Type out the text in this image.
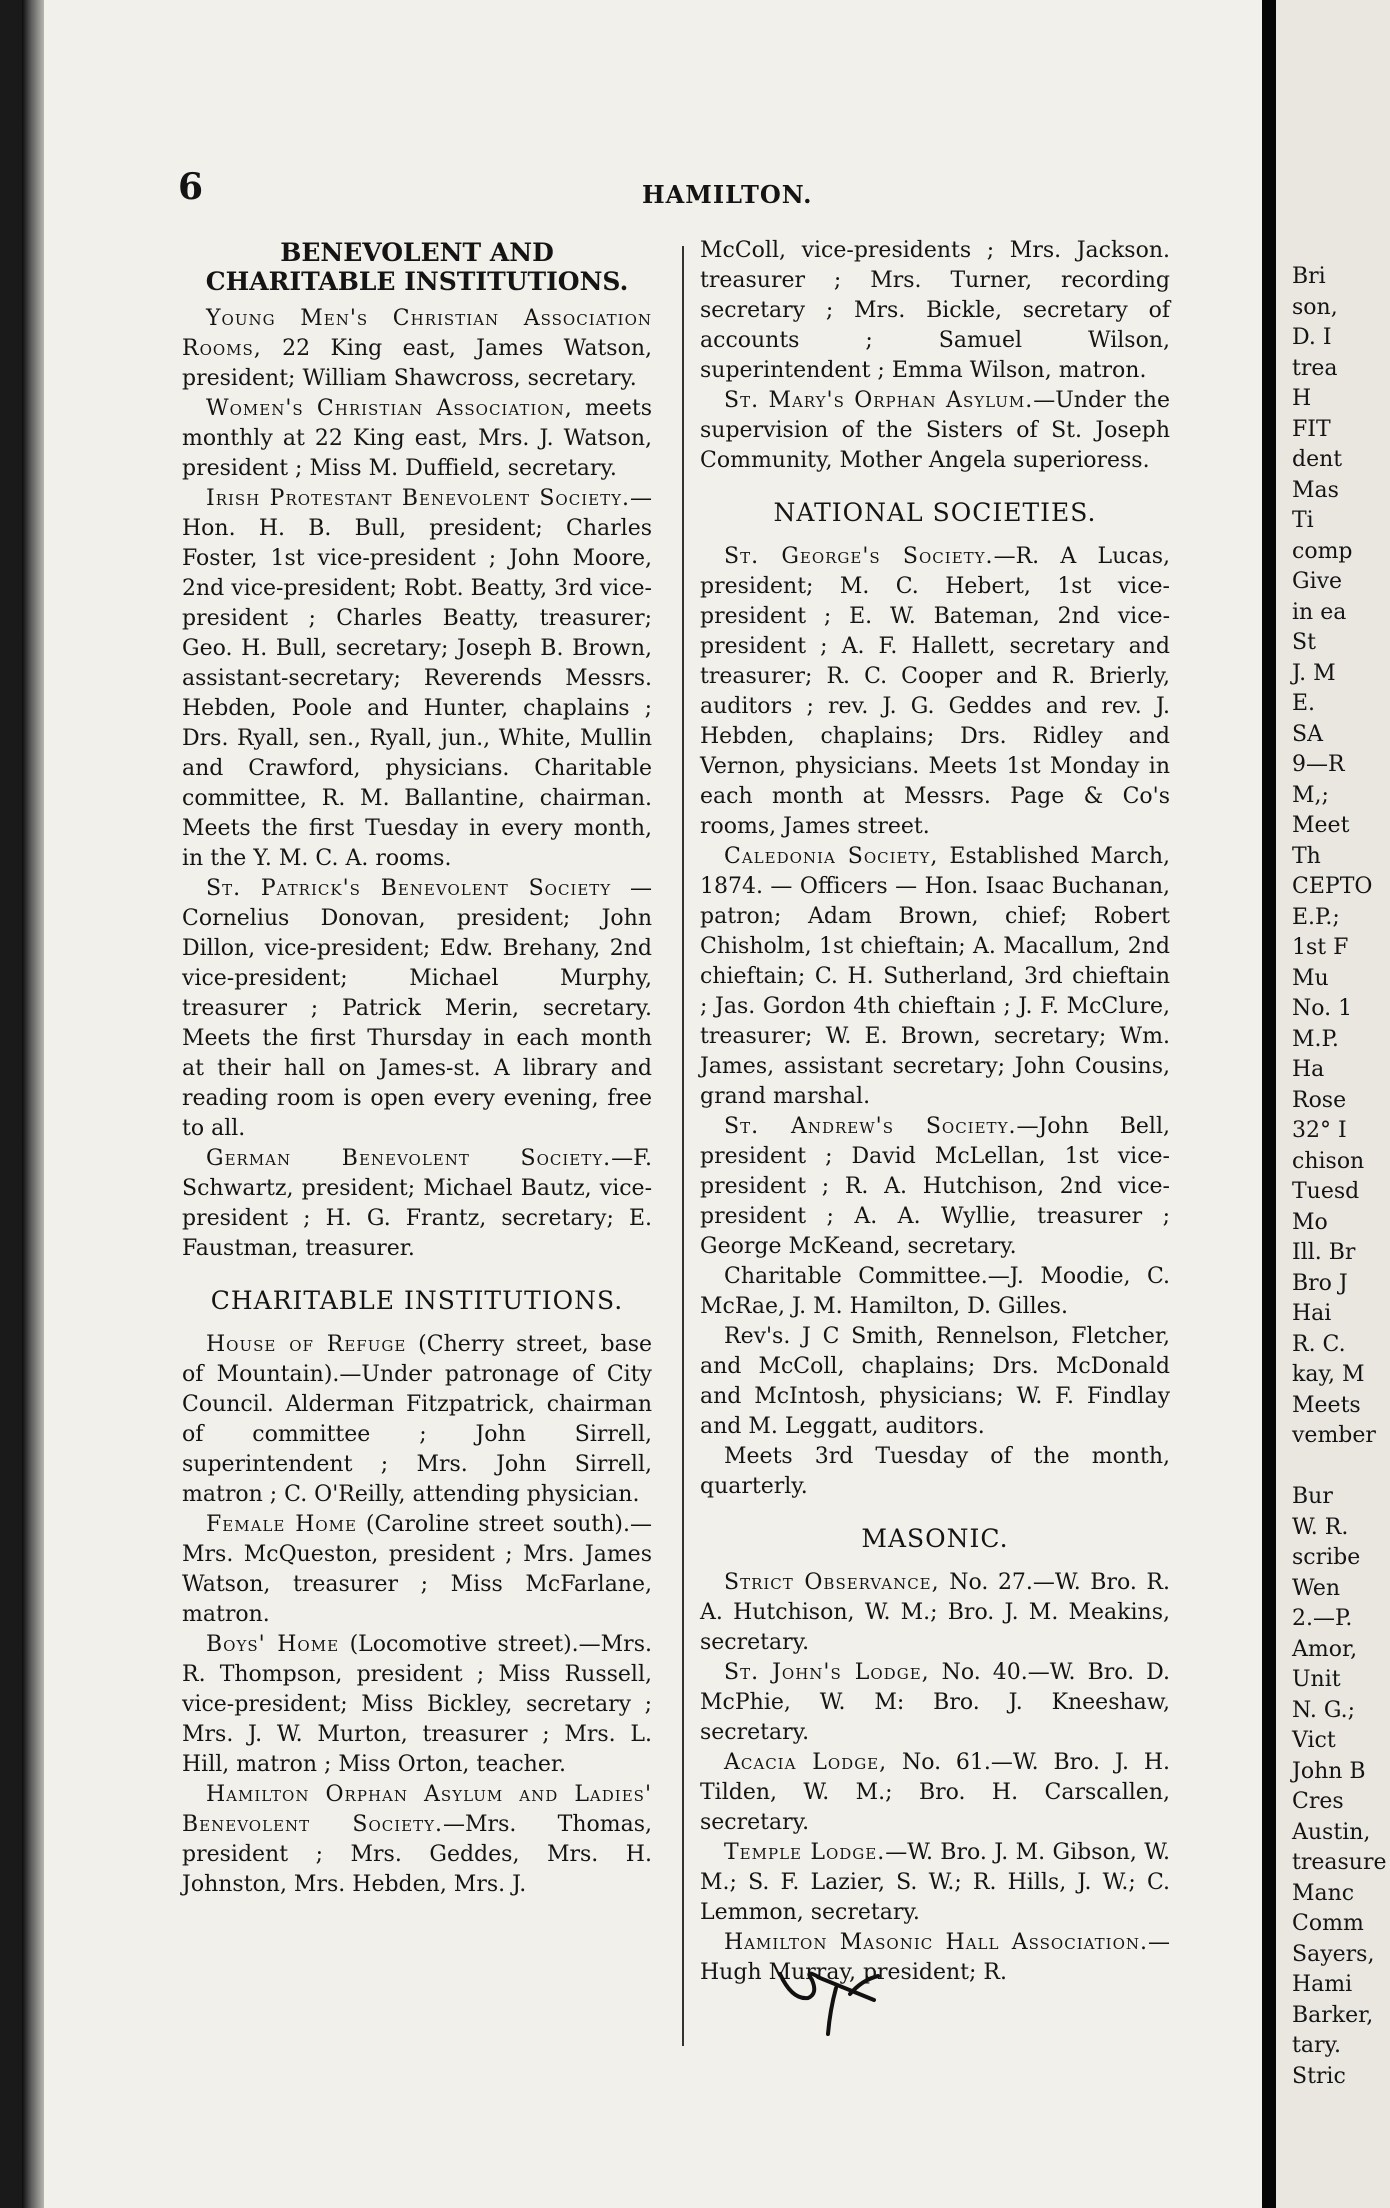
6	HAMILTON.
BENEVOLENT AND CHARITABLE INSTITUTIONS.

Young Men's Christian Association Rooms, 22 King east, James Watson, president; William Shawcross, secretary.

Women's Christian Association, meets monthly at 22 King east, Mrs. J. Watson, president ; Miss M. Duffield, secretary.

Irish Protestant Benevolent Society.—Hon. H. B. Bull, president; Charles Foster, 1st vice-president ; John Moore, 2nd vice-president; Robt. Beatty, 3rd vice-president ; Charles Beatty, treasurer; Geo. H. Bull, secretary; Joseph B. Brown, assistant-secretary; Reverends Messrs. Hebden, Poole and Hunter, chaplains ; Drs. Ryall, sen., Ryall, jun., White, Mullin and Crawford, physicians. Charitable committee, R. M. Ballantine, chairman. Meets the first Tuesday in every month, in the Y. M. C. A. rooms.

St. Patrick's Benevolent Society —Cornelius Donovan, president; John Dillon, vice-president; Edw. Brehany, 2nd vice-president; Michael Murphy, treasurer ; Patrick Merin, secretary. Meets the first Thursday in each month at their hall on James-st. A library and reading room is open every evening, free to all.

German Benevolent Society.—F. Schwartz, president; Michael Bautz, vice-president ; H. G. Frantz, secretary; E. Faustman, treasurer.

CHARITABLE INSTITUTIONS.

House of Refuge (Cherry street, base of Mountain).—Under patronage of City Council. Alderman Fitzpatrick, chairman of committee ; John Sirrell, superintendent ; Mrs. John Sirrell, matron ; C. O'Reilly, attending physician.

Female Home (Caroline street south).—Mrs. McQueston, president ; Mrs. James Watson, treasurer ; Miss McFarlane, matron.

Boys' Home (Locomotive street).—Mrs. R. Thompson, president ; Miss Russell, vice-president; Miss Bickley, secretary ; Mrs. J. W. Murton, treasurer ; Mrs. L. Hill, matron ; Miss Orton, teacher.

Hamilton Orphan Asylum and Ladies' Benevolent Society.—Mrs. Thomas, president ; Mrs. Geddes, Mrs. H. Johnston, Mrs. Hebden, Mrs. J.

McColl, vice-presidents ; Mrs. Jackson. treasurer ; Mrs. Turner, recording secretary ; Mrs. Bickle, secretary of accounts ; Samuel Wilson, superintendent ; Emma Wilson, matron.

St. Mary's Orphan Asylum.—Under the supervision of the Sisters of St. Joseph Community, Mother Angela superioress.

NATIONAL SOCIETIES.

St. George's Society.—R. A Lucas, president; M. C. Hebert, 1st vice-president ; E. W. Bateman, 2nd vice-president ; A. F. Hallett, secretary and treasurer; R. C. Cooper and R. Brierly, auditors ; rev. J. G. Geddes and rev. J. Hebden, chaplains; Drs. Ridley and Vernon, physicians. Meets 1st Monday in each month at Messrs. Page & Co's rooms, James street.

Caledonia Society, Established March, 1874. — Officers — Hon. Isaac Buchanan, patron; Adam Brown, chief; Robert Chisholm, 1st chieftain; A. Macallum, 2nd chieftain; C. H. Sutherland, 3rd chieftain ; Jas. Gordon 4th chieftain ; J. F. McClure, treasurer; W. E. Brown, secretary; Wm. James, assistant secretary; John Cousins, grand marshal.

St. Andrew's Society.—John Bell, president ; David McLellan, 1st vice-president ; R. A. Hutchison, 2nd vice-president ; A. A. Wyllie, treasurer ; George McKeand, secretary.

Charitable Committee.—J. Moodie, C. McRae, J. M. Hamilton, D. Gilles.

Rev's. J C Smith, Rennelson, Fletcher, and McColl, chaplains; Drs. McDonald and McIntosh, physicians; W. F. Findlay and M. Leggatt, auditors.

Meets 3rd Tuesday of the month, quarterly.

MASONIC.

Strict Observance, No. 27.—W. Bro. R. A. Hutchison, W. M.; Bro. J. M. Meakins, secretary.

St. John's Lodge, No. 40.—W. Bro. D. McPhie, W. M: Bro. J. Kneeshaw, secretary.

Acacia Lodge, No. 61.—W. Bro. J. H. Tilden, W. M.; Bro. H. Carscallen, secretary.

Temple Lodge.—W. Bro. J. M. Gibson, W. M.; S. F. Lazier, S. W.; R. Hills, J. W.; C. Lemmon, secretary.

Hamilton Masonic Hall Association.—Hugh Murray, president; R.

Bri
son,
D. I
trea
H
FIT
dent
Mas
Ti
comp
Give
in ea
St
J. M
E.
SA
9—R
M,;
Meet
Th
CEPTO
E.P.;
1st F
Mu
No. 1
M.P.
Ha
Rose
32° I
chison
Tuesd
Mo
Ill. Br
Bro J
Hai
R. C.
kay, M
Meets
vember
Bur
W. R.
scribe
Wen
2.—P.
Amor,
Unit
N. G.;
Vict
John B
Cres
Austin,
treasure
Manc
Comm
Sayers,
Hami
Barker,
tary.
Stric
